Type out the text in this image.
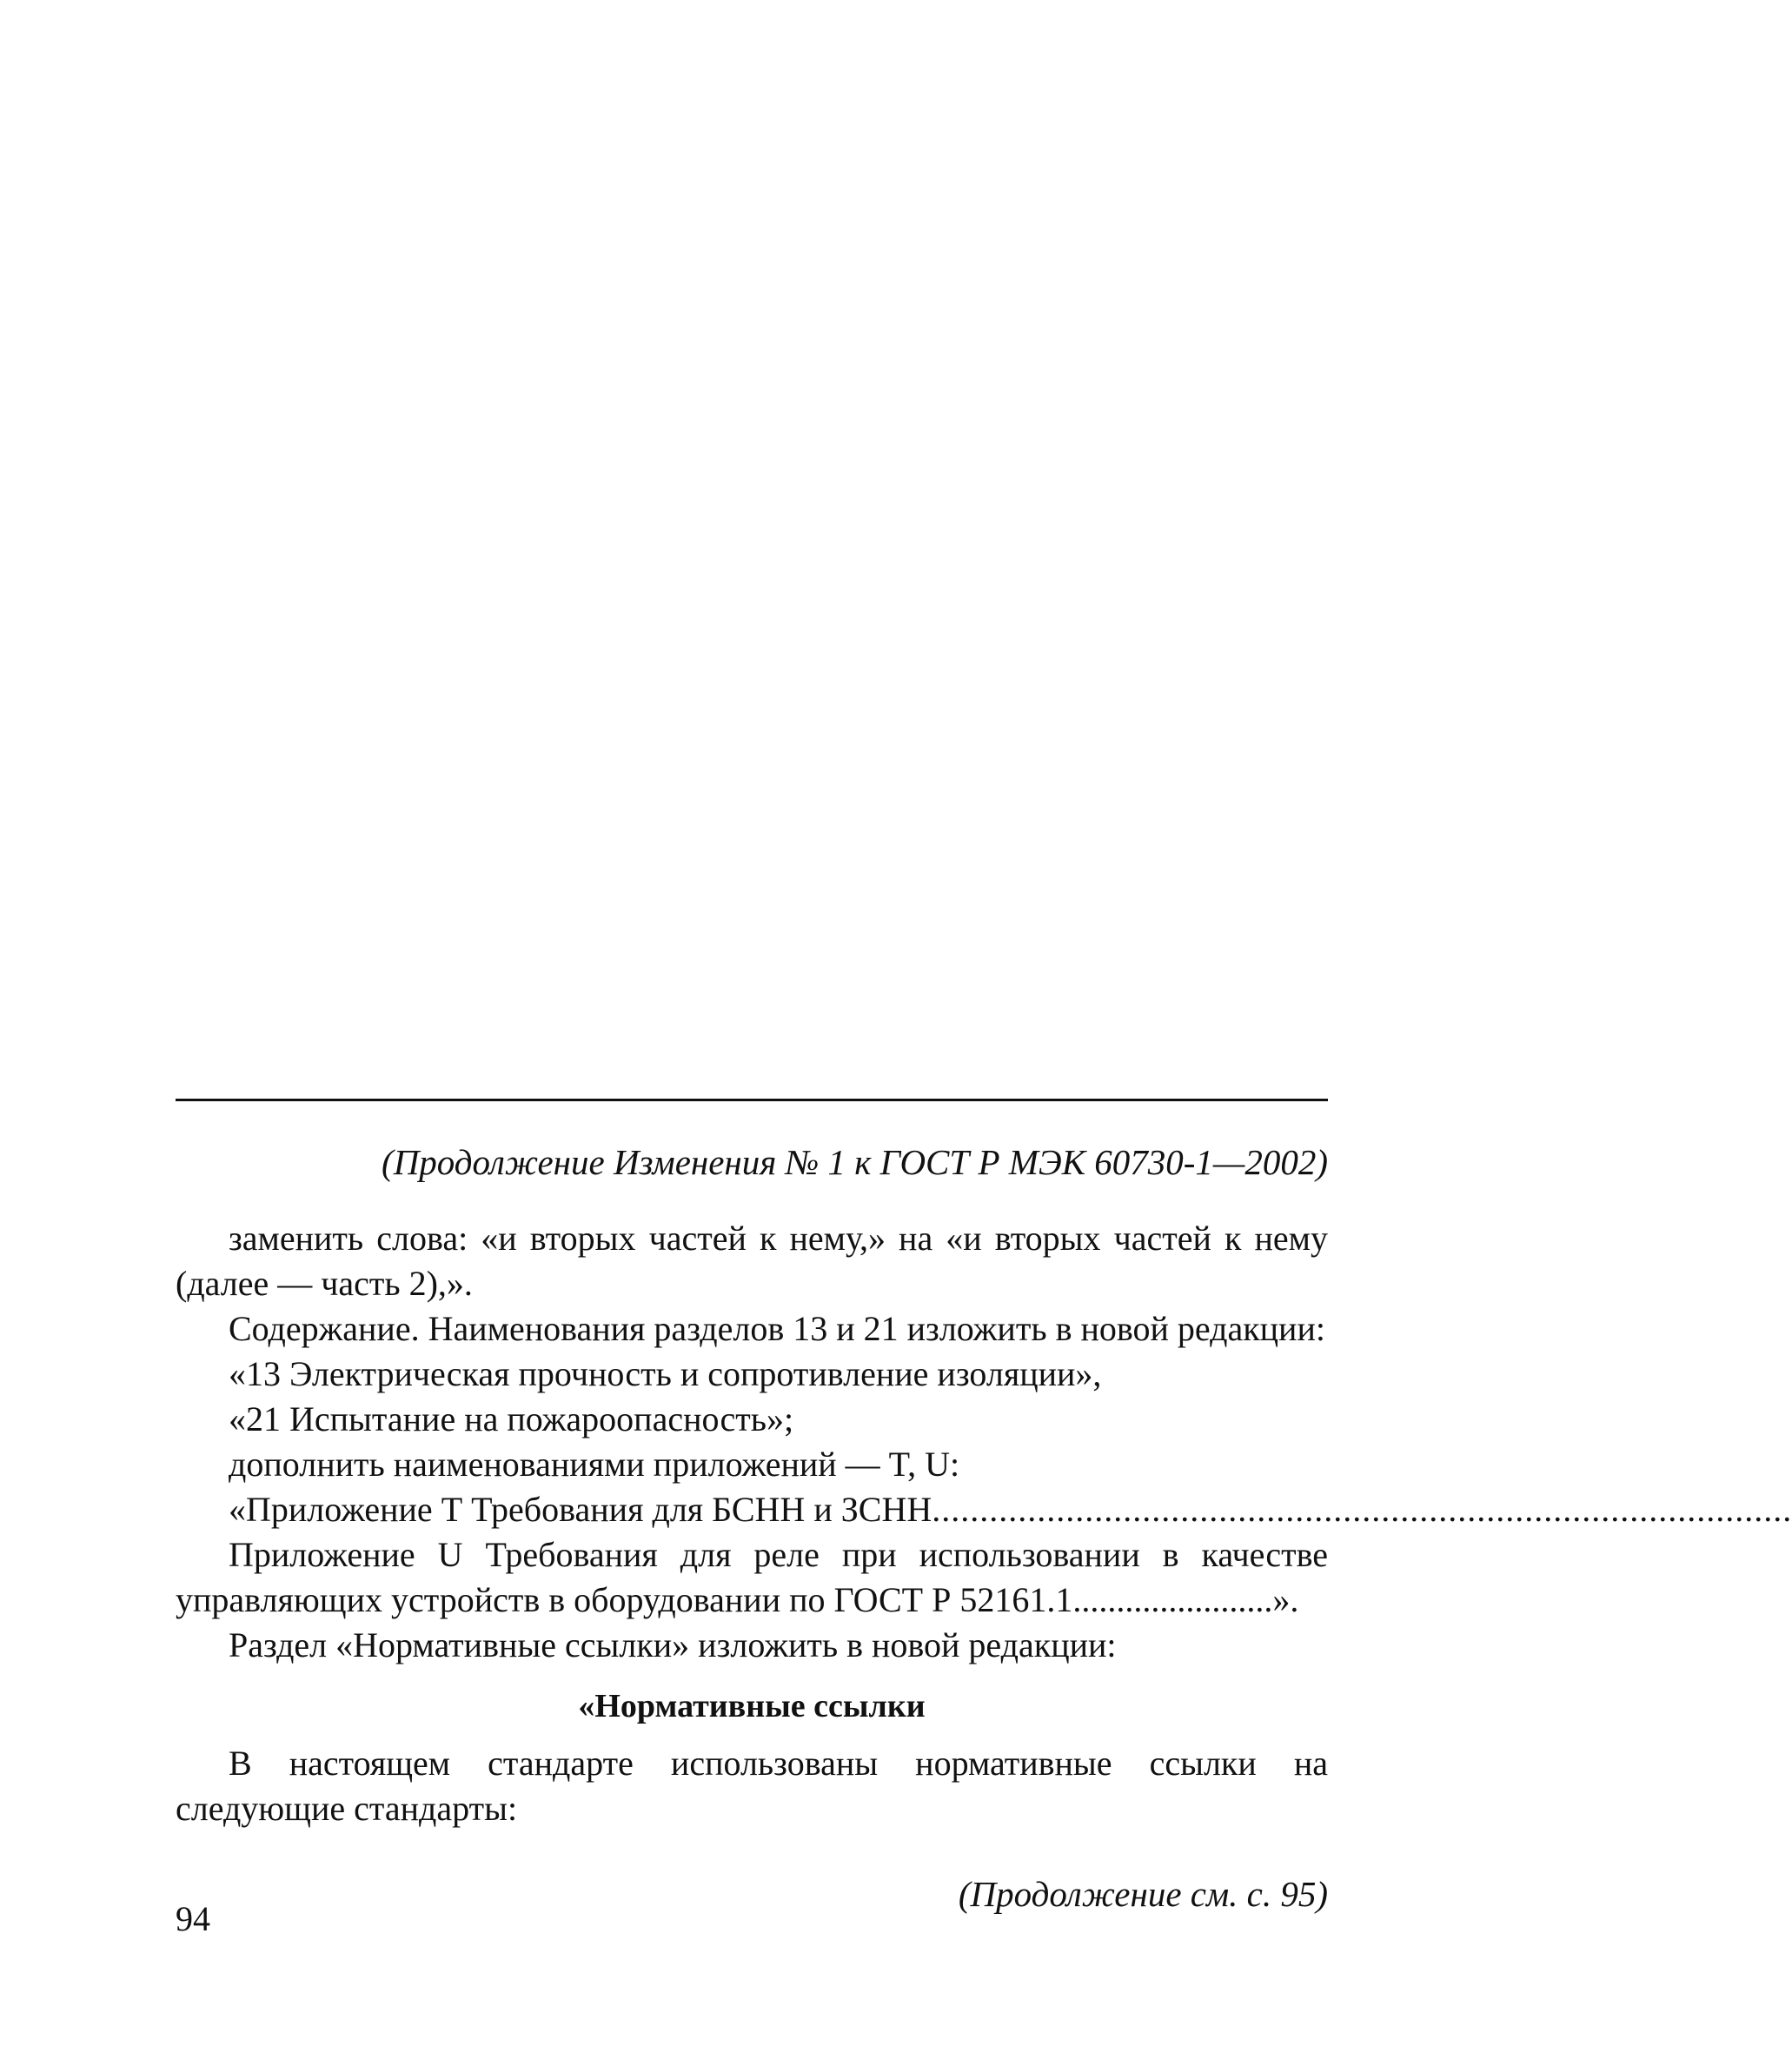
(Продолжение Изменения № 1 к ГОСТ Р МЭК 60730-1—2002)

заменить слова: «и вторых частей к нему,» на «и вторых частей к нему (далее — часть 2),».

Содержание. Наименования разделов 13 и 21 изложить в новой редакции:

«13 Электрическая прочность и сопротивление изоляции»,

«21 Испытание на пожароопасность»;

дополнить наименованиями приложений — T, U:

«Приложение Т Требования для БСНН и ЗСНН ..........................................................................................

Приложение U Требования для реле при использовании в качестве управляющих устройств в оборудовании по ГОСТ Р 52161.1.......................».

Раздел «Нормативные ссылки» изложить в новой редакции:

«Нормативные ссылки

В настоящем стандарте использованы нормативные ссылки на следующие стандарты:

(Продолжение см. с. 95)

94
